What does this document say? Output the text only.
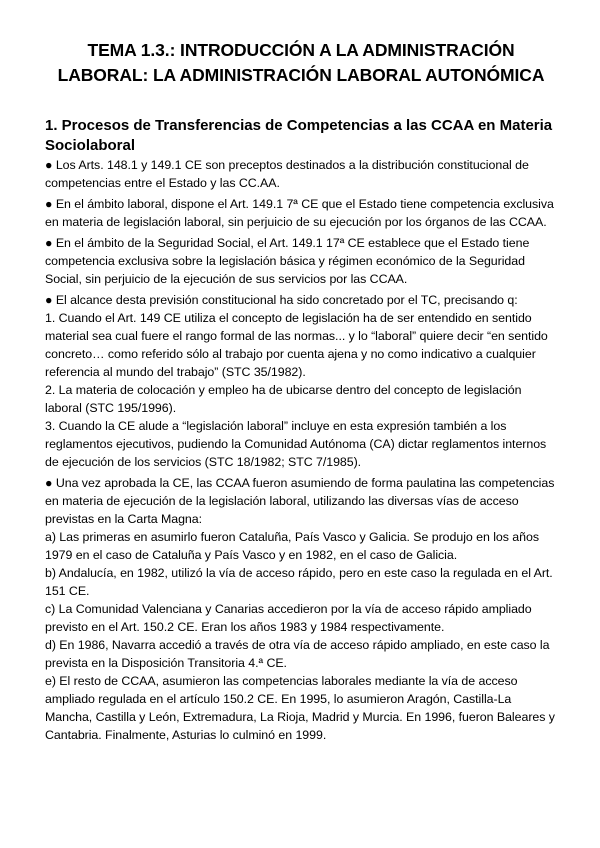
TEMA 1.3.: INTRODUCCIÓN A LA ADMINISTRACIÓN
LABORAL: LA ADMINISTRACIÓN LABORAL AUTONÓMICA
1. Procesos de Transferencias de Competencias a las CCAA en Materia Sociolaboral

● Los Arts. 148.1 y 149.1 CE son preceptos destinados a la distribución constitucional de competencias entre el Estado y las CC.AA.

● En el ámbito laboral, dispone el Art. 149.1 7ª CE que el Estado tiene competencia exclusiva en materia de legislación laboral, sin perjuicio de su ejecución por los órganos de las CCAA.

● En el ámbito de la Seguridad Social, el Art. 149.1 17ª CE establece que el Estado tiene competencia exclusiva sobre la legislación básica y régimen económico de la Seguridad Social, sin perjuicio de la ejecución de sus servicios por las CCAA.

● El alcance desta previsión constitucional ha sido concretado por el TC, precisando q:
1. Cuando el Art. 149 CE utiliza el concepto de legislación ha de ser entendido en sentido material sea cual fuere el rango formal de las normas... y lo “laboral” quiere decir “en sentido concreto… como referido sólo al trabajo por cuenta ajena y no como indicativo a cualquier referencia al mundo del trabajo” (STC 35/1982).
2. La materia de colocación y empleo ha de ubicarse dentro del concepto de legislación laboral (STC 195/1996).
3. Cuando la CE alude a “legislación laboral” incluye en esta expresión también a los reglamentos ejecutivos, pudiendo la Comunidad Autónoma (CA) dictar reglamentos internos de ejecución de los servicios (STC 18/1982; STC 7/1985).

● Una vez aprobada la CE, las CCAA fueron asumiendo de forma paulatina las competencias en materia de ejecución de la legislación laboral, utilizando las diversas vías de acceso previstas en la Carta Magna:
a) Las primeras en asumirlo fueron Cataluña, País Vasco y Galicia. Se produjo en los años 1979 en el caso de Cataluña y País Vasco y en 1982, en el caso de Galicia.
b) Andalucía, en 1982, utilizó la vía de acceso rápido, pero en este caso la regulada en el Art. 151 CE.
c) La Comunidad Valenciana y Canarias accedieron por la vía de acceso rápido ampliado previsto en el Art. 150.2 CE. Eran los años 1983 y 1984 respectivamente.
d) En 1986, Navarra accedió a través de otra vía de acceso rápido ampliado, en este caso la prevista en la Disposición Transitoria 4.ª CE.
e) El resto de CCAA, asumieron las competencias laborales mediante la vía de acceso ampliado regulada en el artículo 150.2 CE. En 1995, lo asumieron Aragón, Castilla-La Mancha, Castilla y León, Extremadura, La Rioja, Madrid y Murcia. En 1996, fueron Baleares y Cantabria. Finalmente, Asturias lo culminó en 1999.
